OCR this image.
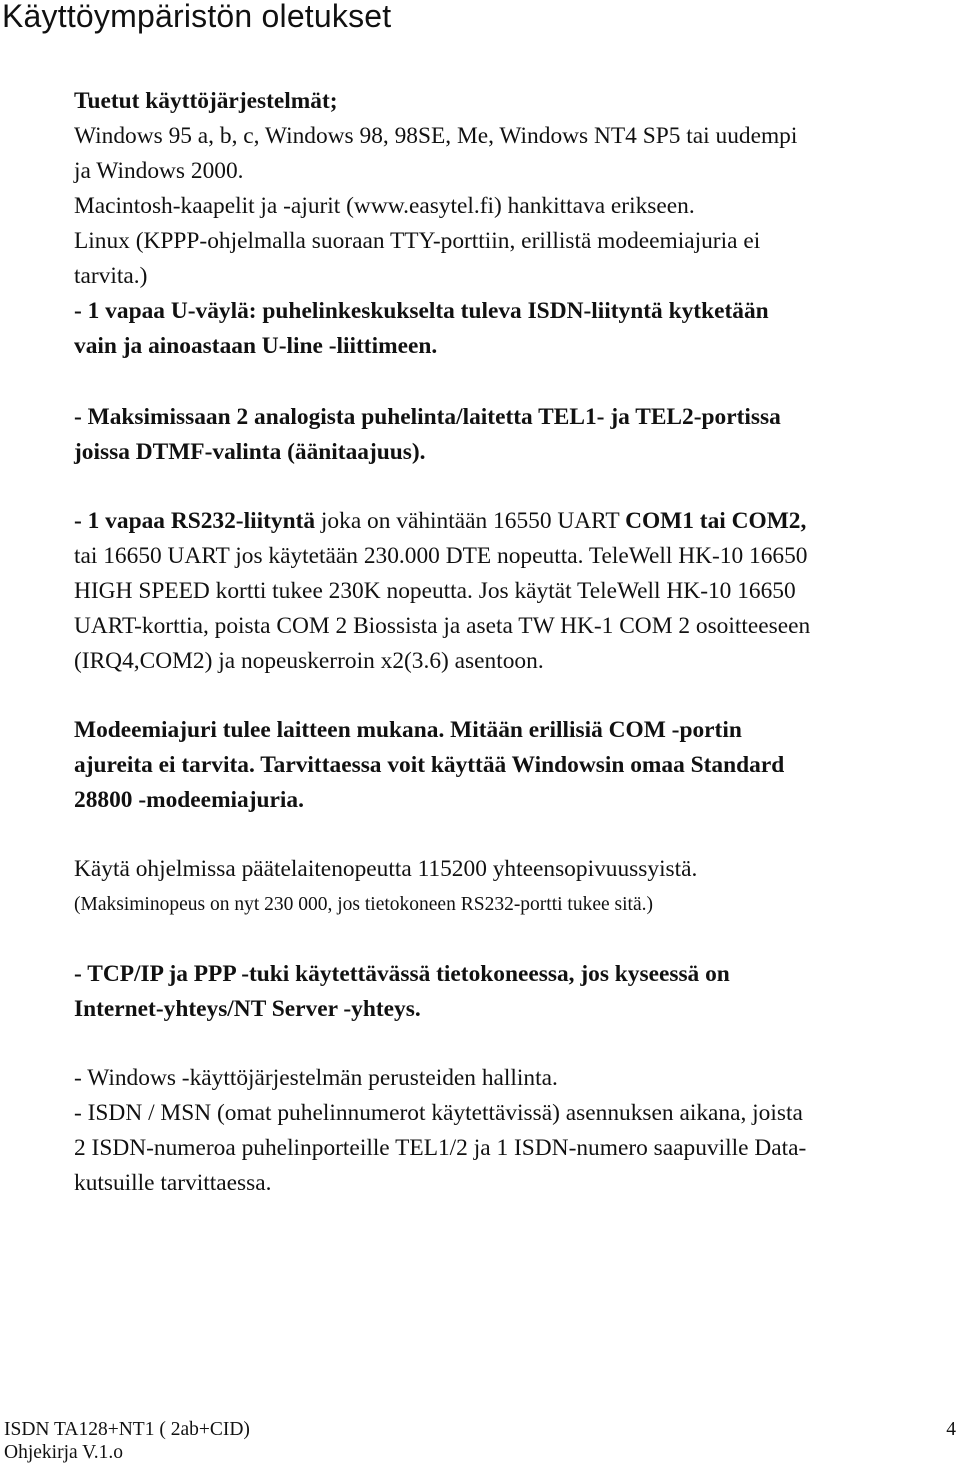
Käyttöympäristön oletukset

Tuetut käyttöjärjestelmät;

Windows 95 a, b, c, Windows 98, 98SE, Me, Windows NT4 SP5 tai uudempi

ja Windows 2000.

Macintosh-kaapelit ja -ajurit (www.easytel.fi) hankittava erikseen.

Linux (KPPP-ohjelmalla suoraan TTY-porttiin, erillistä modeemiajuria ei

tarvita.)

- 1 vapaa U-väylä: puhelinkeskukselta tuleva ISDN-liityntä kytketään

vain ja ainoastaan U-line -liittimeen.

- Maksimissaan 2 analogista puhelinta/laitetta TEL1- ja TEL2-portissa

joissa DTMF-valinta (äänitaajuus).

- 1 vapaa RS232-liityntä joka on vähintään 16550 UART COM1 tai COM2,

tai 16650 UART jos käytetään 230.000 DTE nopeutta. TeleWell HK-10 16650

HIGH SPEED kortti tukee 230K nopeutta. Jos käytät TeleWell HK-10 16650

UART-korttia, poista COM 2 Biossista ja aseta TW HK-1 COM 2 osoitteeseen

(IRQ4,COM2) ja nopeuskerroin x2(3.6) asentoon.

Modeemiajuri tulee laitteen mukana. Mitään erillisiä COM -portin

ajureita ei tarvita. Tarvittaessa voit käyttää Windowsin omaa Standard

28800 -modeemiajuria.

Käytä ohjelmissa päätelaitenopeutta 115200 yhteensopivuussyistä.

(Maksiminopeus on nyt 230 000, jos tietokoneen RS232-portti tukee sitä.)

- TCP/IP ja PPP -tuki käytettävässä tietokoneessa, jos kyseessä on

Internet-yhteys/NT Server -yhteys.

- Windows -käyttöjärjestelmän perusteiden hallinta.

- ISDN / MSN (omat puhelinnumerot käytettävissä) asennuksen aikana, joista

2 ISDN-numeroa puhelinporteille TEL1/2 ja 1 ISDN-numero saapuville Data-

kutsuille tarvittaessa.

ISDN TA128+NT1 ( 2ab+CID)
Ohjekirja V.1.o
4
